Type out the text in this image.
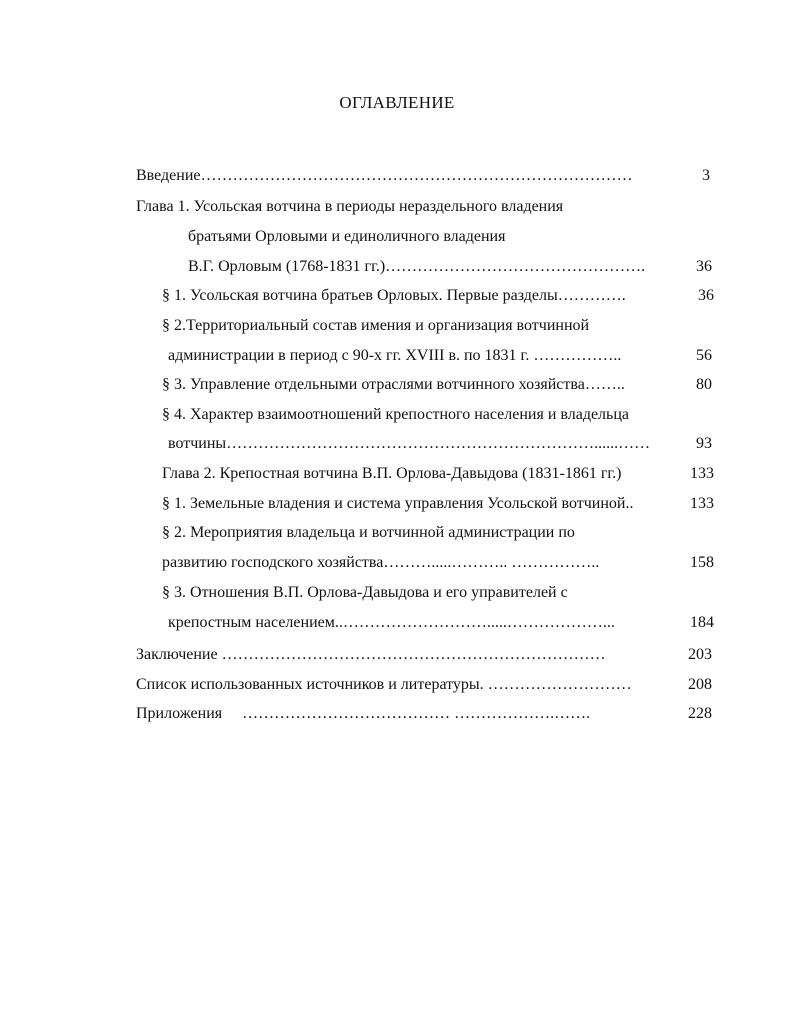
ОГЛАВЛЕНИЕ
Введение………………………………………………………………………	3
Глава 1. Усольская вотчина в периоды нераздельного владения
братьями Орловыми и единоличного владения
В.Г. Орловым (1768-1831 гг.)………………………………………….	36
§ 1. Усольская вотчина братьев Орловых. Первые разделы………….	36
§ 2.Территориальный состав имения и организация вотчинной
администрации в период с 90-х гг. XVIII в. по 1831 г. ……………..	56
§ 3. Управление отдельными отраслями вотчинного хозяйства……..	80
§ 4. Характер взаимоотношений крепостного населения и владельца
вотчины……………………………………………………………......……	93
Глава 2. Крепостная вотчина В.П. Орлова-Давыдова (1831-1861 гг.)	133
§ 1. Земельные владения и система управления Усольской вотчиной..	133
§ 2. Мероприятия владельца и вотчинной администрации по
развитию господского хозяйства……….....……….. ……………..	158
§ 3. Отношения В.П. Орлова-Давыдова и его управителей с
крепостным населением..……………………….....………………...	184
Заключение ………………………………………………………………	203
Список использованных источников и литературы. ………………………	208
Приложения     ………………………………… ……………….…….	228
